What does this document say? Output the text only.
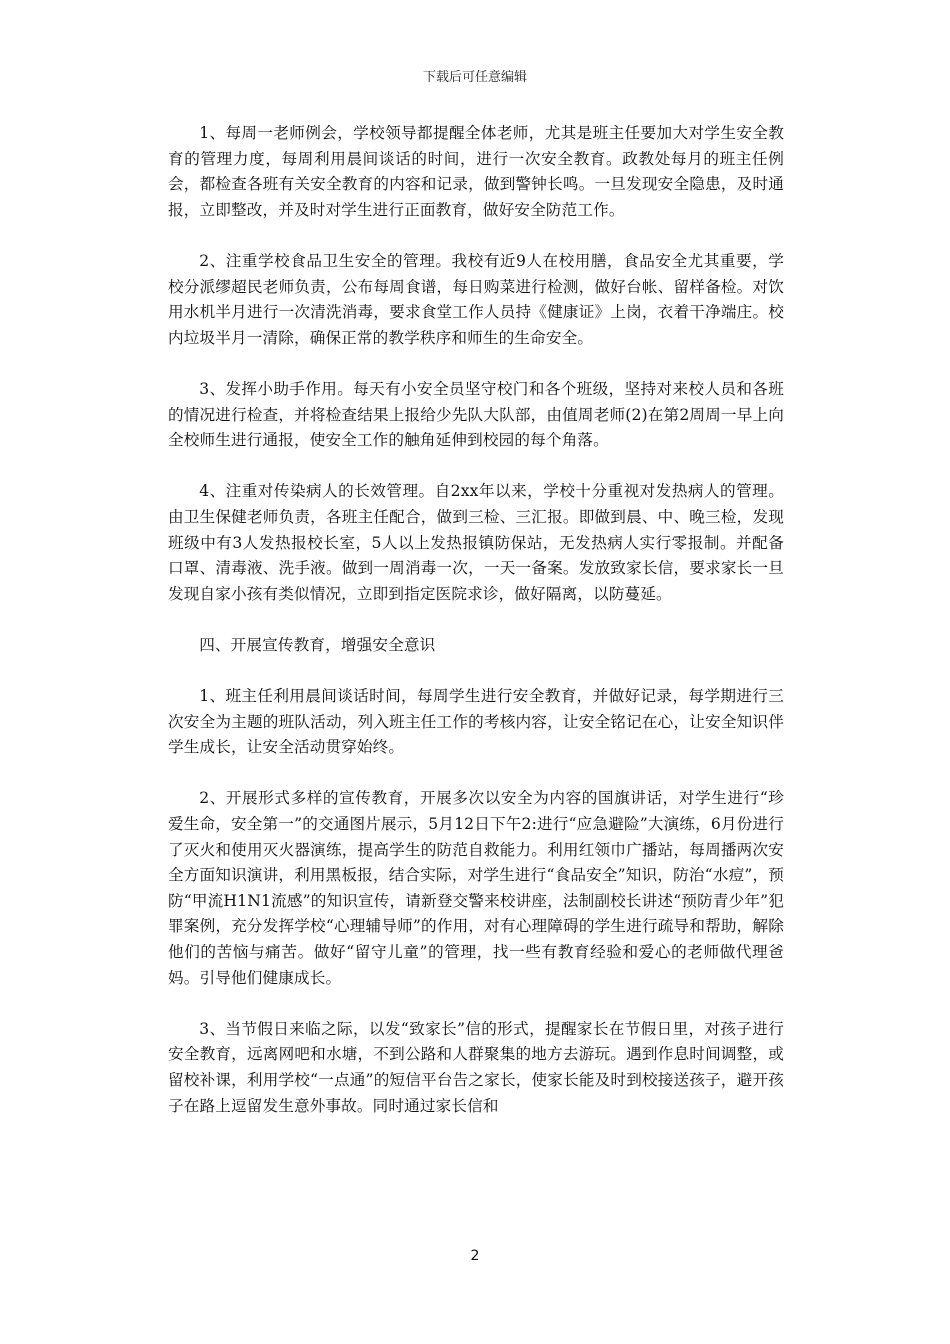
下载后可任意编辑

1、每周一老师例会，学校领导都提醒全体老师，尤其是班主任要加大对学生安全教育的管理力度，每周利用晨间谈话的时间，进行一次安全教育。政教处每月的班主任例会，都检查各班有关安全教育的内容和记录，做到警钟长鸣。一旦发现安全隐患，及时通报，立即整改，并及时对学生进行正面教育，做好安全防范工作。

2、注重学校食品卫生安全的管理。我校有近9人在校用膳，食品安全尤其重要，学校分派缪超民老师负责，公布每周食谱，每日购菜进行检测，做好台帐、留样备检。对饮用水机半月进行一次清洗消毒，要求食堂工作人员持《健康证》上岗，衣着干净端庄。校内垃圾半月一清除，确保正常的教学秩序和师生的生命安全。

3、发挥小助手作用。每天有小安全员坚守校门和各个班级，坚持对来校人员和各班的情况进行检查，并将检查结果上报给少先队大队部，由值周老师(2)在第2周周一早上向全校师生进行通报，使安全工作的触角延伸到校园的每个角落。

4、注重对传染病人的长效管理。自2xx年以来，学校十分重视对发热病人的管理。由卫生保健老师负责，各班主任配合，做到三检、三汇报。即做到晨、中、晚三检，发现班级中有3人发热报校长室，5人以上发热报镇防保站，无发热病人实行零报制。并配备口罩、清毒液、洗手液。做到一周消毒一次，一天一备案。发放致家长信，要求家长一旦发现自家小孩有类似情况，立即到指定医院求诊，做好隔离，以防蔓延。

四、开展宣传教育，增强安全意识

1、班主任利用晨间谈话时间，每周学生进行安全教育，并做好记录，每学期进行三次安全为主题的班队活动，列入班主任工作的考核内容，让安全铭记在心，让安全知识伴学生成长，让安全活动贯穿始终。

2、开展形式多样的宣传教育，开展多次以安全为内容的国旗讲话，对学生进行“珍爱生命，安全第一”的交通图片展示，5月12日下午2:进行“应急避险”大演练，6月份进行了灭火和使用灭火器演练，提高学生的防范自救能力。利用红领巾广播站，每周播两次安全方面知识演讲，利用黑板报，结合实际，对学生进行“食品安全”知识，防治“水痘”，预防“甲流H1N1流感”的知识宣传，请新登交警来校讲座，法制副校长讲述“预防青少年”犯罪案例，充分发挥学校“心理辅导师”的作用，对有心理障碍的学生进行疏导和帮助，解除他们的苦恼与痛苦。做好“留守儿童”的管理，找一些有教育经验和爱心的老师做代理爸妈。引导他们健康成长。

3、当节假日来临之际，以发“致家长”信的形式，提醒家长在节假日里，对孩子进行安全教育，远离网吧和水塘，不到公路和人群聚集的地方去游玩。遇到作息时间调整，或留校补课，利用学校“一点通”的短信平台告之家长，使家长能及时到校接送孩子，避开孩子在路上逗留发生意外事故。同时通过家长信和

2
